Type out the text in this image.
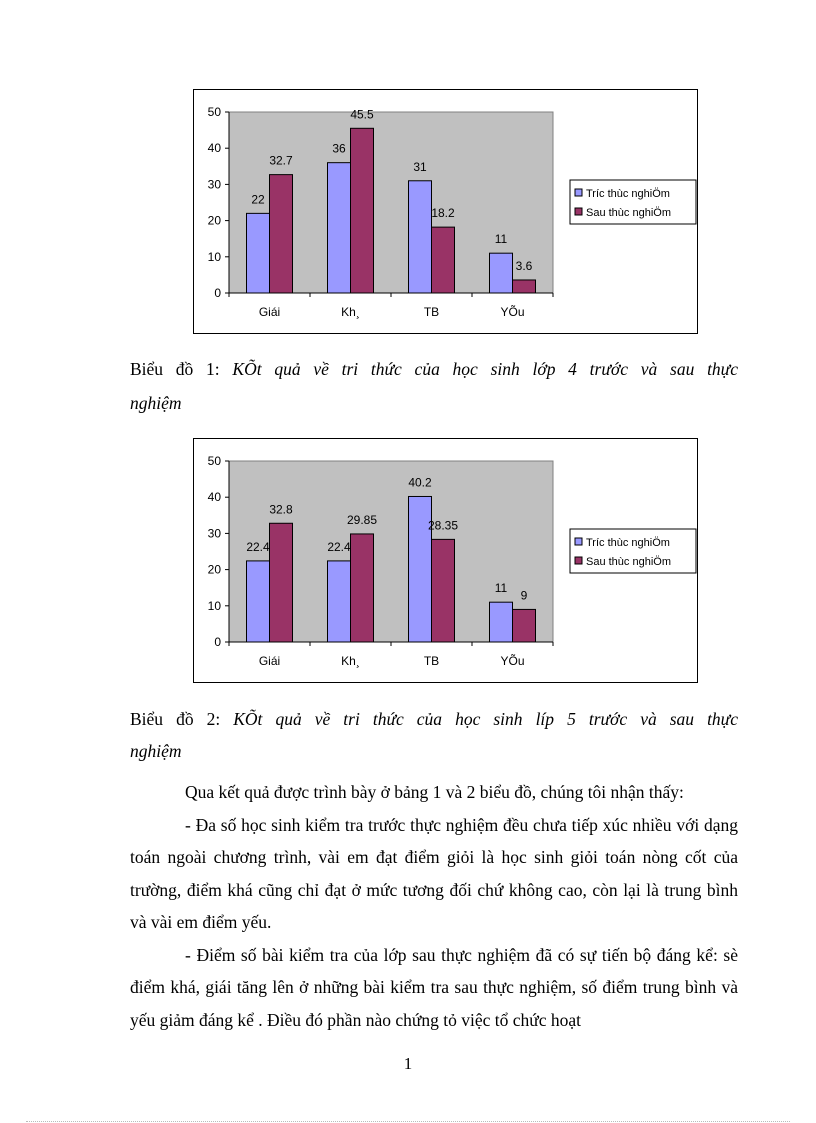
0
10
20
30
40
50
22
32.7
Giái
36
45.5
Kh¸
31
18.2
TB
11
3.6
YÕu
Tríc thùc nghiÖm
Sau thùc nghiÖm
Biểu đồ 1: KÕt quả về tri thức của học sinh lớp 4 trước và sau thực
nghiệm
0
10
20
30
40
50
22.4
32.8
Giái
22.4
29.85
Kh¸
40.2
28.35
TB
11
9
YÕu
Tríc thùc nghiÖm
Sau thùc nghiÖm
Biểu đồ 2: KÕt quả về tri thức của học sinh líp 5 trước và sau thực
nghiệm

Qua kết quả được trình bày ở bảng 1 và 2 biểu đồ, chúng tôi nhận thấy:

- Đa số học sinh kiểm tra trước thực nghiệm đều chưa tiếp xúc nhiều với dạng toán ngoài chương trình, vài em đạt điểm giỏi là học sinh giỏi toán nòng cốt của trường, điểm khá cũng chỉ đạt ở mức tương đối chứ không cao, còn lại là trung bình và vài em điểm yếu.

- Điểm số bài kiểm tra của lớp sau thực nghiệm đã có sự tiến bộ đáng kể: sè điểm khá, giái tăng lên ở những bài kiểm tra sau thực nghiệm, số điểm trung bình và yếu giảm đáng kể . Điều đó phần nào chứng tỏ việc tổ chức hoạt

1
